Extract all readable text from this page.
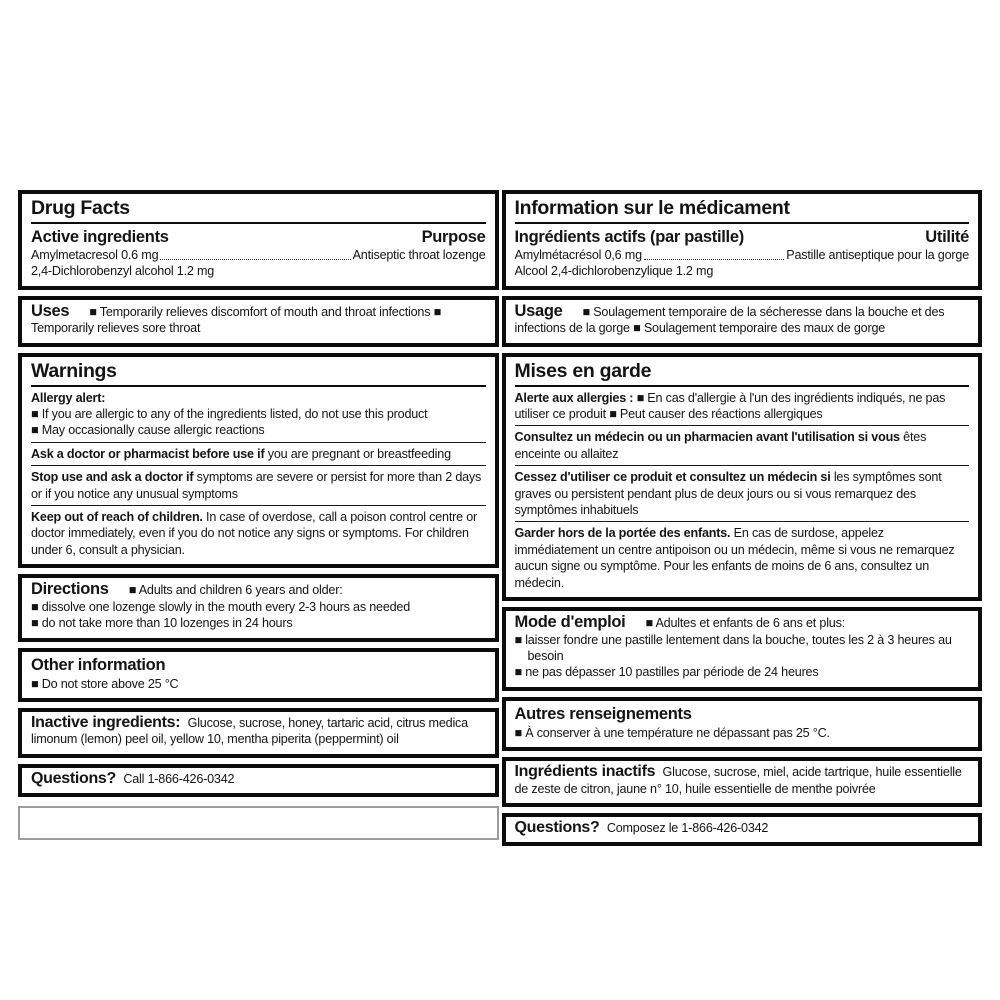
Drug Facts
Active ingredients	Purpose
Amylmetacresol 0.6 mg	Antiseptic throat lozenge
2,4-Dichlorobenzyl alcohol 1.2 mg
Uses ■ Temporarily relieves discomfort of mouth and throat infections ■ Temporarily relieves sore throat
Warnings
Allergy alert:
■ If you are allergic to any of the ingredients listed, do not use this product
■ May occasionally cause allergic reactions
Ask a doctor or pharmacist before use if you are pregnant or breastfeeding
Stop use and ask a doctor if symptoms are severe or persist for more than 2 days or if you notice any unusual symptoms
Keep out of reach of children. In case of overdose, call a poison control centre or doctor immediately, even if you do not notice any signs or symptoms. For children under 6, consult a physician.
Directions ■ Adults and children 6 years and older:
■ dissolve one lozenge slowly in the mouth every 2-3 hours as needed
■ do not take more than 10 lozenges in 24 hours
Other information
■ Do not store above 25 °C
Inactive ingredients: Glucose, sucrose, honey, tartaric acid, citrus medica limonum (lemon) peel oil, yellow 10, mentha piperita (peppermint) oil
Questions? Call 1-866-426-0342
Information sur le médicament
Ingrédients actifs (par pastille)	Utilité
Amylmétacrésol 0,6 mg	Pastille antiseptique pour la gorge
Alcool 2,4-dichlorobenzylique 1.2 mg
Usage ■ Soulagement temporaire de la sécheresse dans la bouche et des infections de la gorge ■ Soulagement temporaire des maux de gorge
Mises en garde
Alerte aux allergies : ■ En cas d'allergie à l'un des ingrédients indiqués, ne pas utiliser ce produit ■ Peut causer des réactions allergiques
Consultez un médecin ou un pharmacien avant l'utilisation si vous êtes enceinte ou allaitez
Cessez d'utiliser ce produit et consultez un médecin si les symptômes sont graves ou persistent pendant plus de deux jours ou si vous remarquez des symptômes inhabituels
Garder hors de la portée des enfants. En cas de surdose, appelez immédiatement un centre antipoison ou un médecin, même si vous ne remarquez aucun signe ou symptôme. Pour les enfants de moins de 6 ans, consultez un médecin.
Mode d'emploi ■ Adultes et enfants de 6 ans et plus:
■ laisser fondre une pastille lentement dans la bouche, toutes les 2 à 3 heures au besoin
■ ne pas dépasser 10 pastilles par période de 24 heures
Autres renseignements
■ À conserver à une température ne dépassant pas 25 °C.
Ingrédients inactifs Glucose, sucrose, miel, acide tartrique, huile essentielle de zeste de citron, jaune n° 10, huile essentielle de menthe poivrée
Questions? Composez le 1-866-426-0342
